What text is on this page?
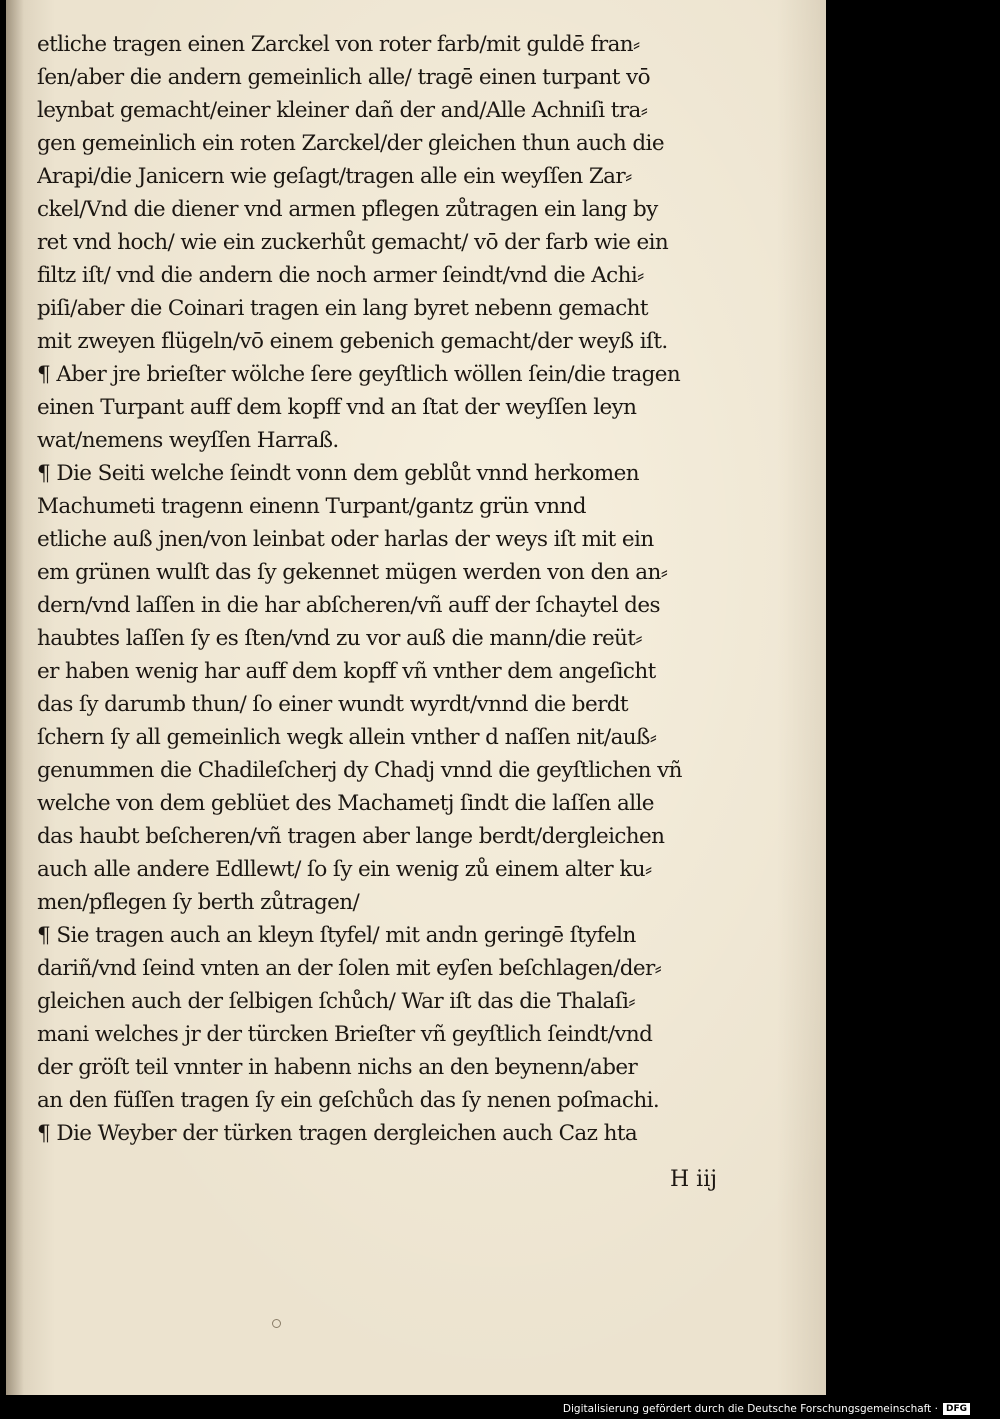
etliche tragen einen Zarckel von roter farb/mit guldē fran⸗
ſen/aber die andern gemeinlich alle/ tragē einen turpant vō
leynbat gemacht/einer kleiner dañ der and/Alle Achniſi tra⸗
gen gemeinlich ein roten Zarckel/der gleichen thun auch die
Arapi/die Janicern wie geſagt/tragen alle ein weyſſen Zar⸗
ckel/Vnd die diener vnd armen pflegen zůtragen ein lang by
ret vnd hoch/ wie ein zuckerhůt gemacht/ vō der farb wie ein
filtz iſt/ vnd die andern die noch armer ſeindt/vnd die Achi⸗
piſi/aber die Coinari tragen ein lang byret nebenn gemacht
mit zweyen flügeln/vō einem gebenich gemacht/der weyß iſt.
¶ Aber jre brieſter wölche ſere geyſtlich wöllen ſein/die tragen
einen Turpant auff dem kopff vnd an ſtat der weyſſen leyn
wat/nemens weyſſen Harraß.
¶ Die Seiti welche ſeindt vonn dem geblůt vnnd herkomen
Machumeti tragenn einenn Turpant/gantz grün vnnd
etliche auß jnen/von leinbat oder harlas der weys iſt mit ein
em grünen wulſt das ſy gekennet mügen werden von den an⸗
dern/vnd laſſen in die har abſcheren/vñ auff der ſchaytel des
haubtes laſſen ſy es ſten/vnd zu vor auß die mann/die reüt⸗
er haben wenig har auff dem kopff vñ vnther dem angeſicht
das ſy darumb thun/ ſo einer wundt wyrdt/vnnd die berdt
ſchern ſy all gemeinlich wegk allein vnther d naſſen nit/auß⸗
genummen die Chadileſcherj dy Chadj vnnd die geyſtlichen vñ
welche von dem geblüet des Machametj ſindt die laſſen alle
das haubt beſcheren/vñ tragen aber lange berdt/dergleichen
auch alle andere Edllewt/ ſo ſy ein wenig zů einem alter ku⸗
men/pflegen ſy berth zůtragen/
¶ Sie tragen auch an kleyn ſtyfel/ mit andn geringē ſtyfeln
dariñ/vnd ſeind vnten an der ſolen mit eyſen beſchlagen/der⸗
gleichen auch der ſelbigen ſchůch/ War iſt das die Thalaſi⸗
mani welches jr der türcken Brieſter vñ geyſtlich ſeindt/vnd
der gröſt teil vnnter in habenn nichs an den beynenn/aber
an den füſſen tragen ſy ein geſchůch das ſy nenen poſmachi.
¶ Die Weyber der türken tragen dergleichen auch Caz hta
H iij
Digitalisierung gefördert durch die Deutsche Forschungsgemeinschaft · DFG
